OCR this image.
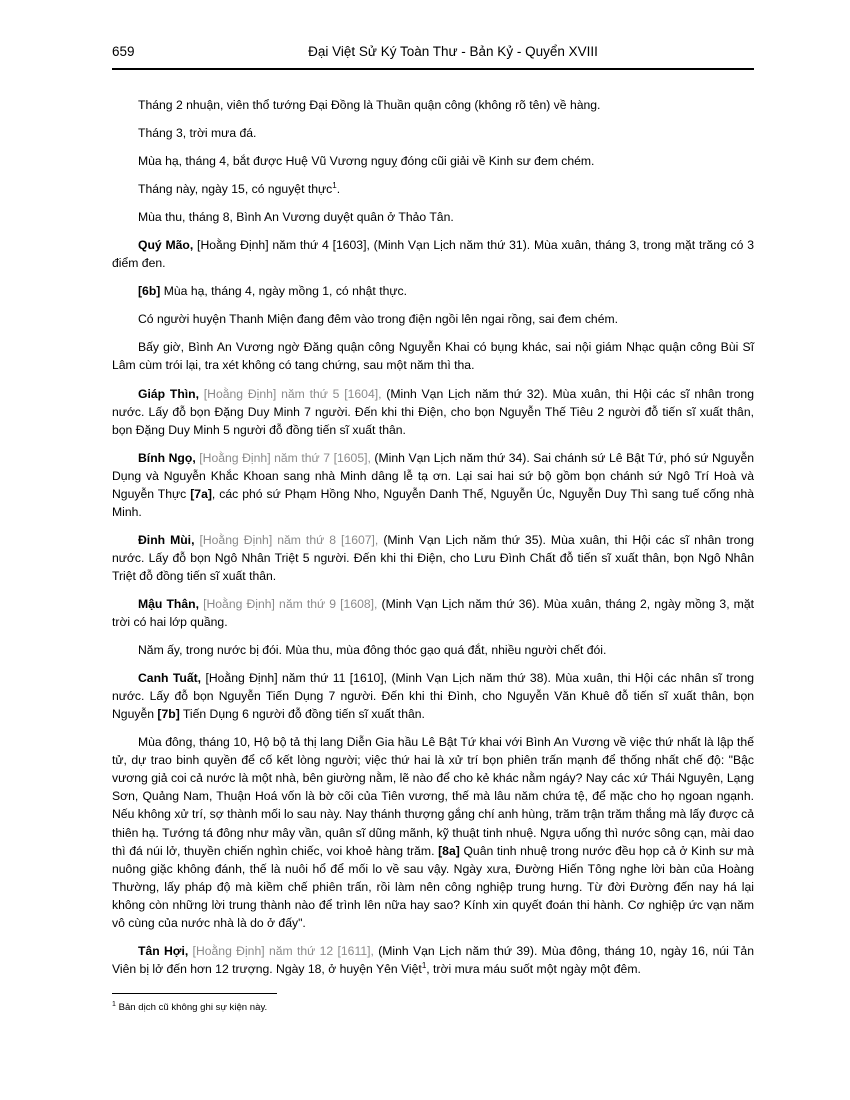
659	Đại Việt Sử Ký Toàn Thư - Bản Kỷ - Quyển XVIII

Tháng 2 nhuận, viên thổ tướng Đại Đồng là Thuần quận công (không rõ tên) về hàng.

Tháng 3, trời mưa đá.

Mùa hạ, tháng 4, bắt được Huệ Vũ Vương nguỵ đóng cũi giải về Kinh sư đem chém.

Tháng này, ngày 15, có nguyệt thực$^1$.

Mùa thu, tháng 8, Bình An Vương duyệt quân ở Thảo Tân.

Quý Mão, [Hoằng Định] năm thứ 4 [1603], (Minh Vạn Lịch năm thứ 31). Mùa xuân, tháng 3, trong mặt trăng có 3 điểm đen.

[6b] Mùa hạ, tháng 4, ngày mồng 1, có nhật thực.

Có người huyện Thanh Miện đang đêm vào trong điện ngồi lên ngai rồng, sai đem chém.

Bấy giờ, Bình An Vương ngờ Đăng quận công Nguyễn Khai có bụng khác, sai nội giám Nhạc quận công Bùi Sĩ Lâm cùm trói lại, tra xét không có tang chứng, sau một năm thì tha.

Giáp Thìn, [Hoằng Định] năm thứ 5 [1604], (Minh Vạn Lịch năm thứ 32). Mùa xuân, thi Hội các sĩ nhân trong nước. Lấy đỗ bọn Đặng Duy Minh 7 người. Đến khi thi Điện, cho bọn Nguyễn Thế Tiêu 2 người đỗ tiến sĩ xuất thân, bọn Đặng Duy Minh 5 người đỗ đồng tiến sĩ xuất thân.

Bính Ngọ, [Hoằng Định] năm thứ 7 [1605], (Minh Vạn Lịch năm thứ 34). Sai chánh sứ Lê Bật Tứ, phó sứ Nguyễn Dụng và Nguyễn Khắc Khoan sang nhà Minh dâng lễ tạ ơn. Lại sai hai sứ bộ gồm bọn chánh sứ Ngô Trí Hoà và Nguyễn Thực [7a], các phó sứ Phạm Hồng Nho, Nguyễn Danh Thế, Nguyễn Úc, Nguyễn Duy Thì sang tuế cống nhà Minh.

Đinh Mùi, [Hoằng Định] năm thứ 8 [1607], (Minh Vạn Lịch năm thứ 35). Mùa xuân, thi Hội các sĩ nhân trong nước. Lấy đỗ bọn Ngô Nhân Triệt 5 người. Đến khi thi Điện, cho Lưu Đình Chất đỗ tiến sĩ xuất thân, bọn Ngô Nhân Triệt đỗ đồng tiến sĩ xuất thân.

Mậu Thân, [Hoằng Định] năm thứ 9 [1608], (Minh Vạn Lịch năm thứ 36). Mùa xuân, tháng 2, ngày mồng 3, mặt trời có hai lớp quầng.

Năm ấy, trong nước bị đói. Mùa thu, mùa đông thóc gạo quá đắt, nhiều người chết đói.

Canh Tuất, [Hoằng Định] năm thứ 11 [1610], (Minh Vạn Lịch năm thứ 38). Mùa xuân, thi Hội các nhân sĩ trong nước. Lấy đỗ bọn Nguyễn Tiến Dụng 7 người. Đến khi thi Đình, cho Nguyễn Văn Khuê đỗ tiến sĩ xuất thân, bọn Nguyễn [7b] Tiến Dụng 6 người đỗ đồng tiến sĩ xuất thân.

Mùa đông, tháng 10, Hộ bộ tả thị lang Diễn Gia hầu Lê Bật Tứ khai với Bình An Vương về việc thứ nhất là lập thế tử, dự trao binh quyền để cố kết lòng người; việc thứ hai là xử trí bọn phiên trấn mạnh để thống nhất chế độ: "Bậc vương giả coi cả nước là một nhà, bên giường nằm, lẽ nào để cho kẻ khác nằm ngáy? Nay các xứ Thái Nguyên, Lạng Sơn, Quảng Nam, Thuận Hoá vốn là bờ cõi của Tiên vương, thế mà lâu năm chứa tệ, để mặc cho họ ngoan ngạnh. Nếu không xử trí, sợ thành mối lo sau này. Nay thánh thượng gắng chí anh hùng, trăm trận trăm thắng mà lấy được cả thiên hạ. Tướng tá đông như mây vần, quân sĩ dũng mãnh, kỹ thuật tinh nhuệ. Ngựa uống thì nước sông cạn, mài dao thì đá núi lở, thuyền chiến nghìn chiếc, voi khoẻ hàng trăm. [8a] Quân tinh nhuệ trong nước đều họp cả ở Kinh sư mà nuông giặc không đánh, thế là nuôi hổ để mối lo về sau vậy. Ngày xưa, Đường Hiến Tông nghe lời bàn của Hoàng Thường, lấy pháp độ mà kiềm chế phiên trấn, rồi làm nên công nghiệp trung hưng. Từ đời Đường đến nay há lại không còn những lời trung thành nào để trình lên nữa hay sao? Kính xin quyết đoán thi hành. Cơ nghiệp ức vạn năm vô cùng của nước nhà là do ở đấy".

Tân Hợi, [Hoằng Định] năm thứ 12 [1611], (Minh Vạn Lịch năm thứ 39). Mùa đông, tháng 10, ngày 16, núi Tản Viên bị lở đến hơn 12 trượng. Ngày 18, ở huyện Yên Việt$^1$, trời mưa máu suốt một ngày một đêm.

$^1$ Bản dịch cũ không ghi sự kiện này.
